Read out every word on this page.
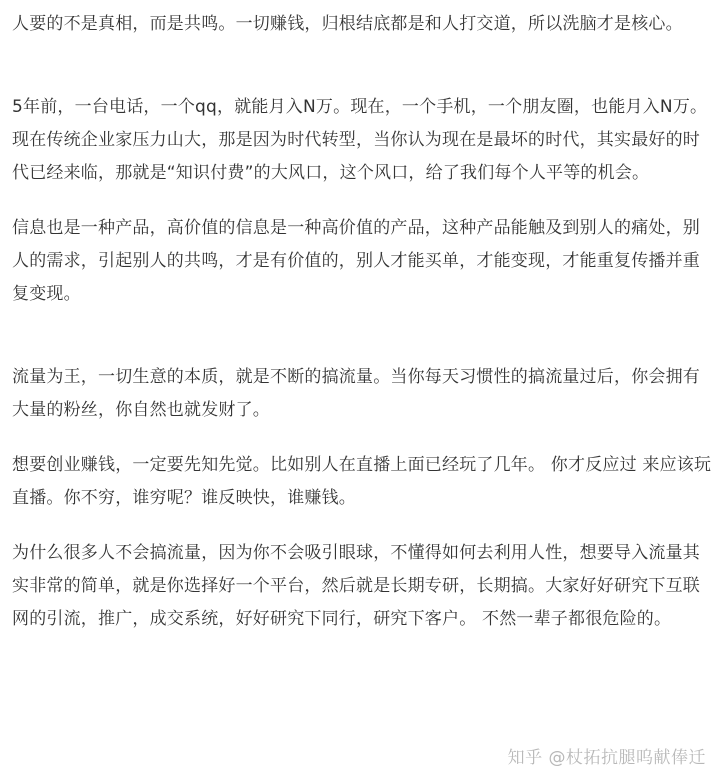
人要的不是真相，而是共鸣。一切赚钱，归根结底都是和人打交道，所以洗脑才是核心。

5年前，一台电话，一个qq，就能月入N万。现在，一个手机，一个朋友圈，也能月入N万。现在传统企业家压力山大，那是因为时代转型，当你认为现在是最坏的时代，其实最好的时代已经来临，那就是“知识付费”的大风口，这个风口，给了我们每个人平等的机会。

信息也是一种产品，高价值的信息是一种高价值的产品，这种产品能触及到别人的痛处，别人的需求，引起别人的共鸣，才是有价值的，别人才能买单，才能变现，才能重复传播并重复变现。

流量为王，一切生意的本质，就是不断的搞流量。当你每天习惯性的搞流量过后，你会拥有大量的粉丝，你自然也就发财了。

想要创业赚钱，一定要先知先觉。比如别人在直播上面已经玩了几年。 你才反应过 来应该玩直播。你不穷，谁穷呢？谁反映快，谁赚钱。

为什么很多人不会搞流量，因为你不会吸引眼球，不懂得如何去利用人性，想要导入流量其实非常的简单，就是你选择好一个平台，然后就是长期专研，长期搞。大家好好研究下互联网的引流，推广，成交系统，好好研究下同行，研究下客户。 不然一辈子都很危险的。

知乎 @杖拓抗腿呜献俸迁
